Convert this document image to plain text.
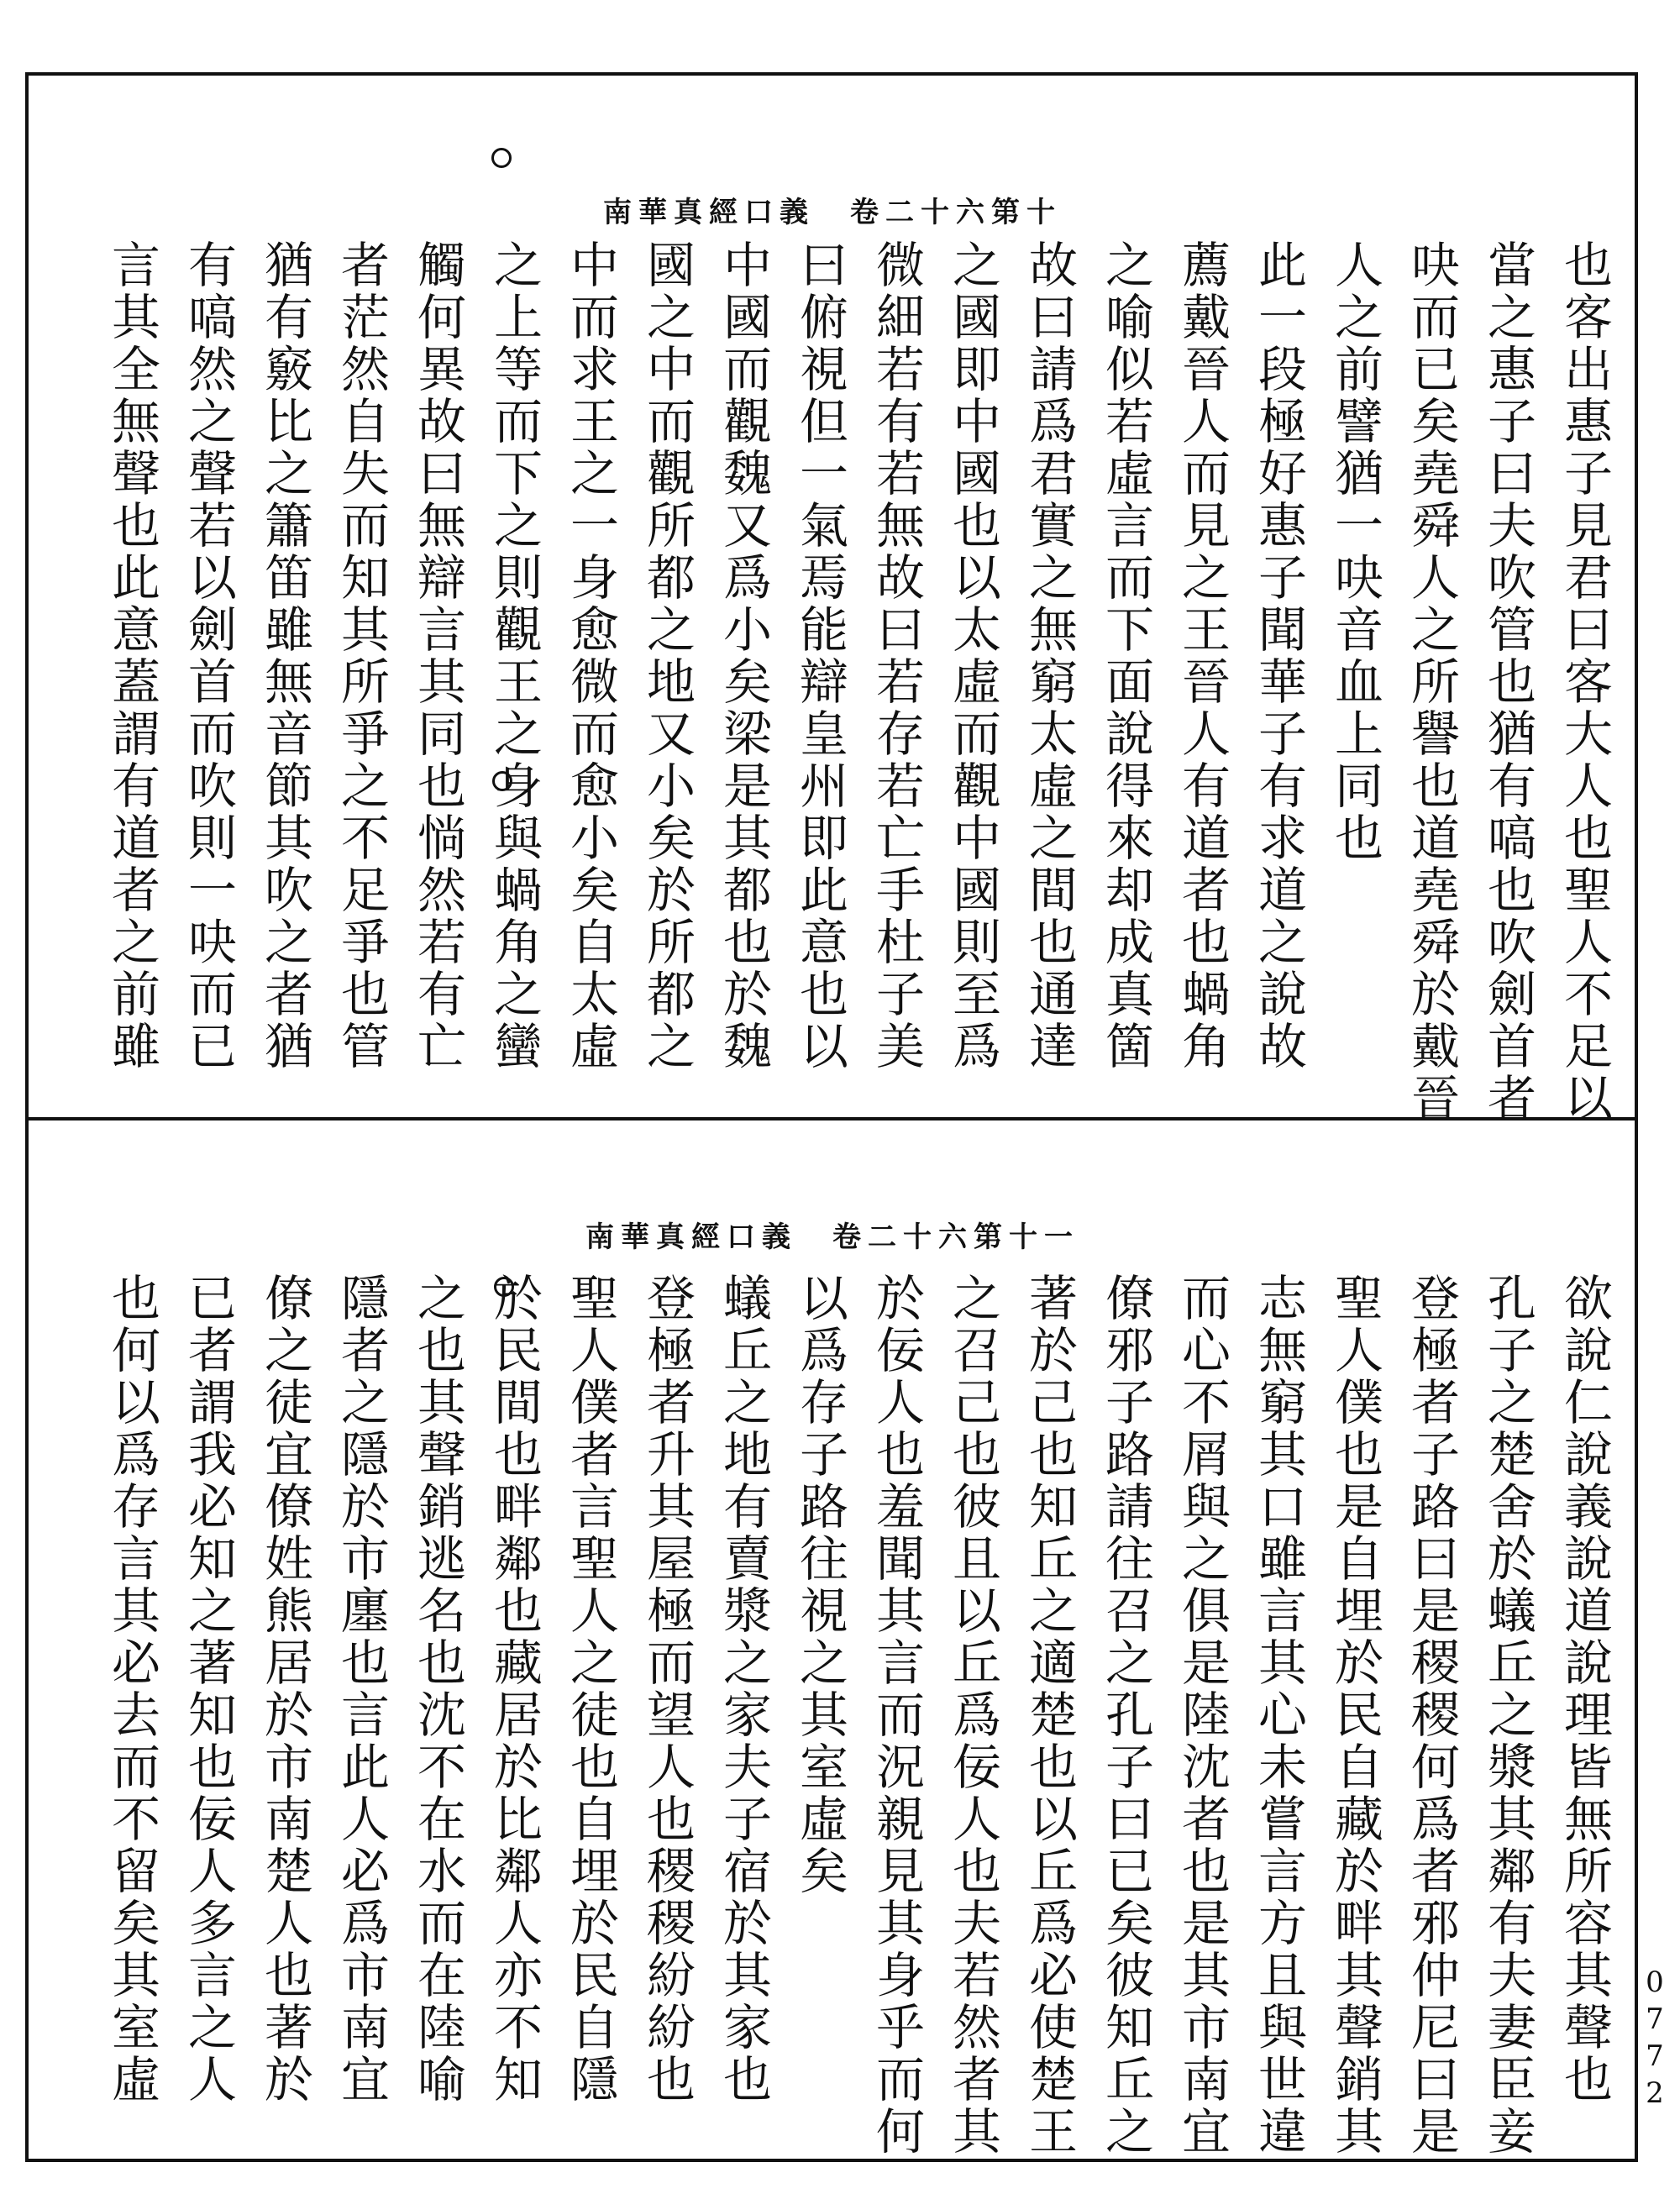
南華真經口義　卷二十六第十
也客出惠子見君曰客大人也聖人不足以
當之惠子曰夫吹管也猶有嗃也吹劍首者
吷而已矣堯舜人之所譽也道堯舜於戴晉
人之前譬猶一吷音血上同也
此一段極好惠子聞華子有求道之說故
薦戴晉人而見之王晉人有道者也蝸角
之喻似若虛言而下面說得來却成真箇
故曰請爲君實之無窮太虛之間也通達
之國即中國也以太虛而觀中國則至爲
微細若有若無故曰若存若亡手杜子美
曰俯視但一氣焉能辯皇州即此意也以
中國而觀魏又爲小矣梁是其都也於魏
國之中而觀所都之地又小矣於所都之
中而求王之一身愈微而愈小矣自太虛
之上等而下之則觀王之身與蝸角之蠻
觸何異故曰無辯言其同也惝然若有亡
者茫然自失而知其所爭之不足爭也管
猶有竅比之簫笛雖無音節其吹之者猶
有嗃然之聲若以劍首而吹則一吷而已
言其全無聲也此意蓋謂有道者之前雖
南華真經口義　卷二十六第十一
欲說仁說義說道說理皆無所容其聲也
孔子之楚舍於蟻丘之漿其鄰有夫妻臣妾
登極者子路曰是稷稷何爲者邪仲尼曰是
聖人僕也是自埋於民自藏於畔其聲銷其
志無窮其口雖言其心未嘗言方且與世違
而心不屑與之俱是陸沈者也是其市南宜
僚邪子路請往召之孔子曰已矣彼知丘之
著於己也知丘之適楚也以丘爲必使楚王
之召己也彼且以丘爲佞人也夫若然者其
於佞人也羞聞其言而況親見其身乎而何
以爲存子路往視之其室虛矣
蟻丘之地有賣漿之家夫子宿於其家也
登極者升其屋極而望人也稷稷紛紛也
聖人僕者言聖人之徒也自埋於民自隱
於民間也畔鄰也藏居於比鄰人亦不知
之也其聲銷逃名也沈不在水而在陸喻
隱者之隱於市廛也言此人必爲市南宜
僚之徒宜僚姓熊居於市南楚人也著於
已者謂我必知之著知也佞人多言之人
也何以爲存言其必去而不留矣其室虛	0772
